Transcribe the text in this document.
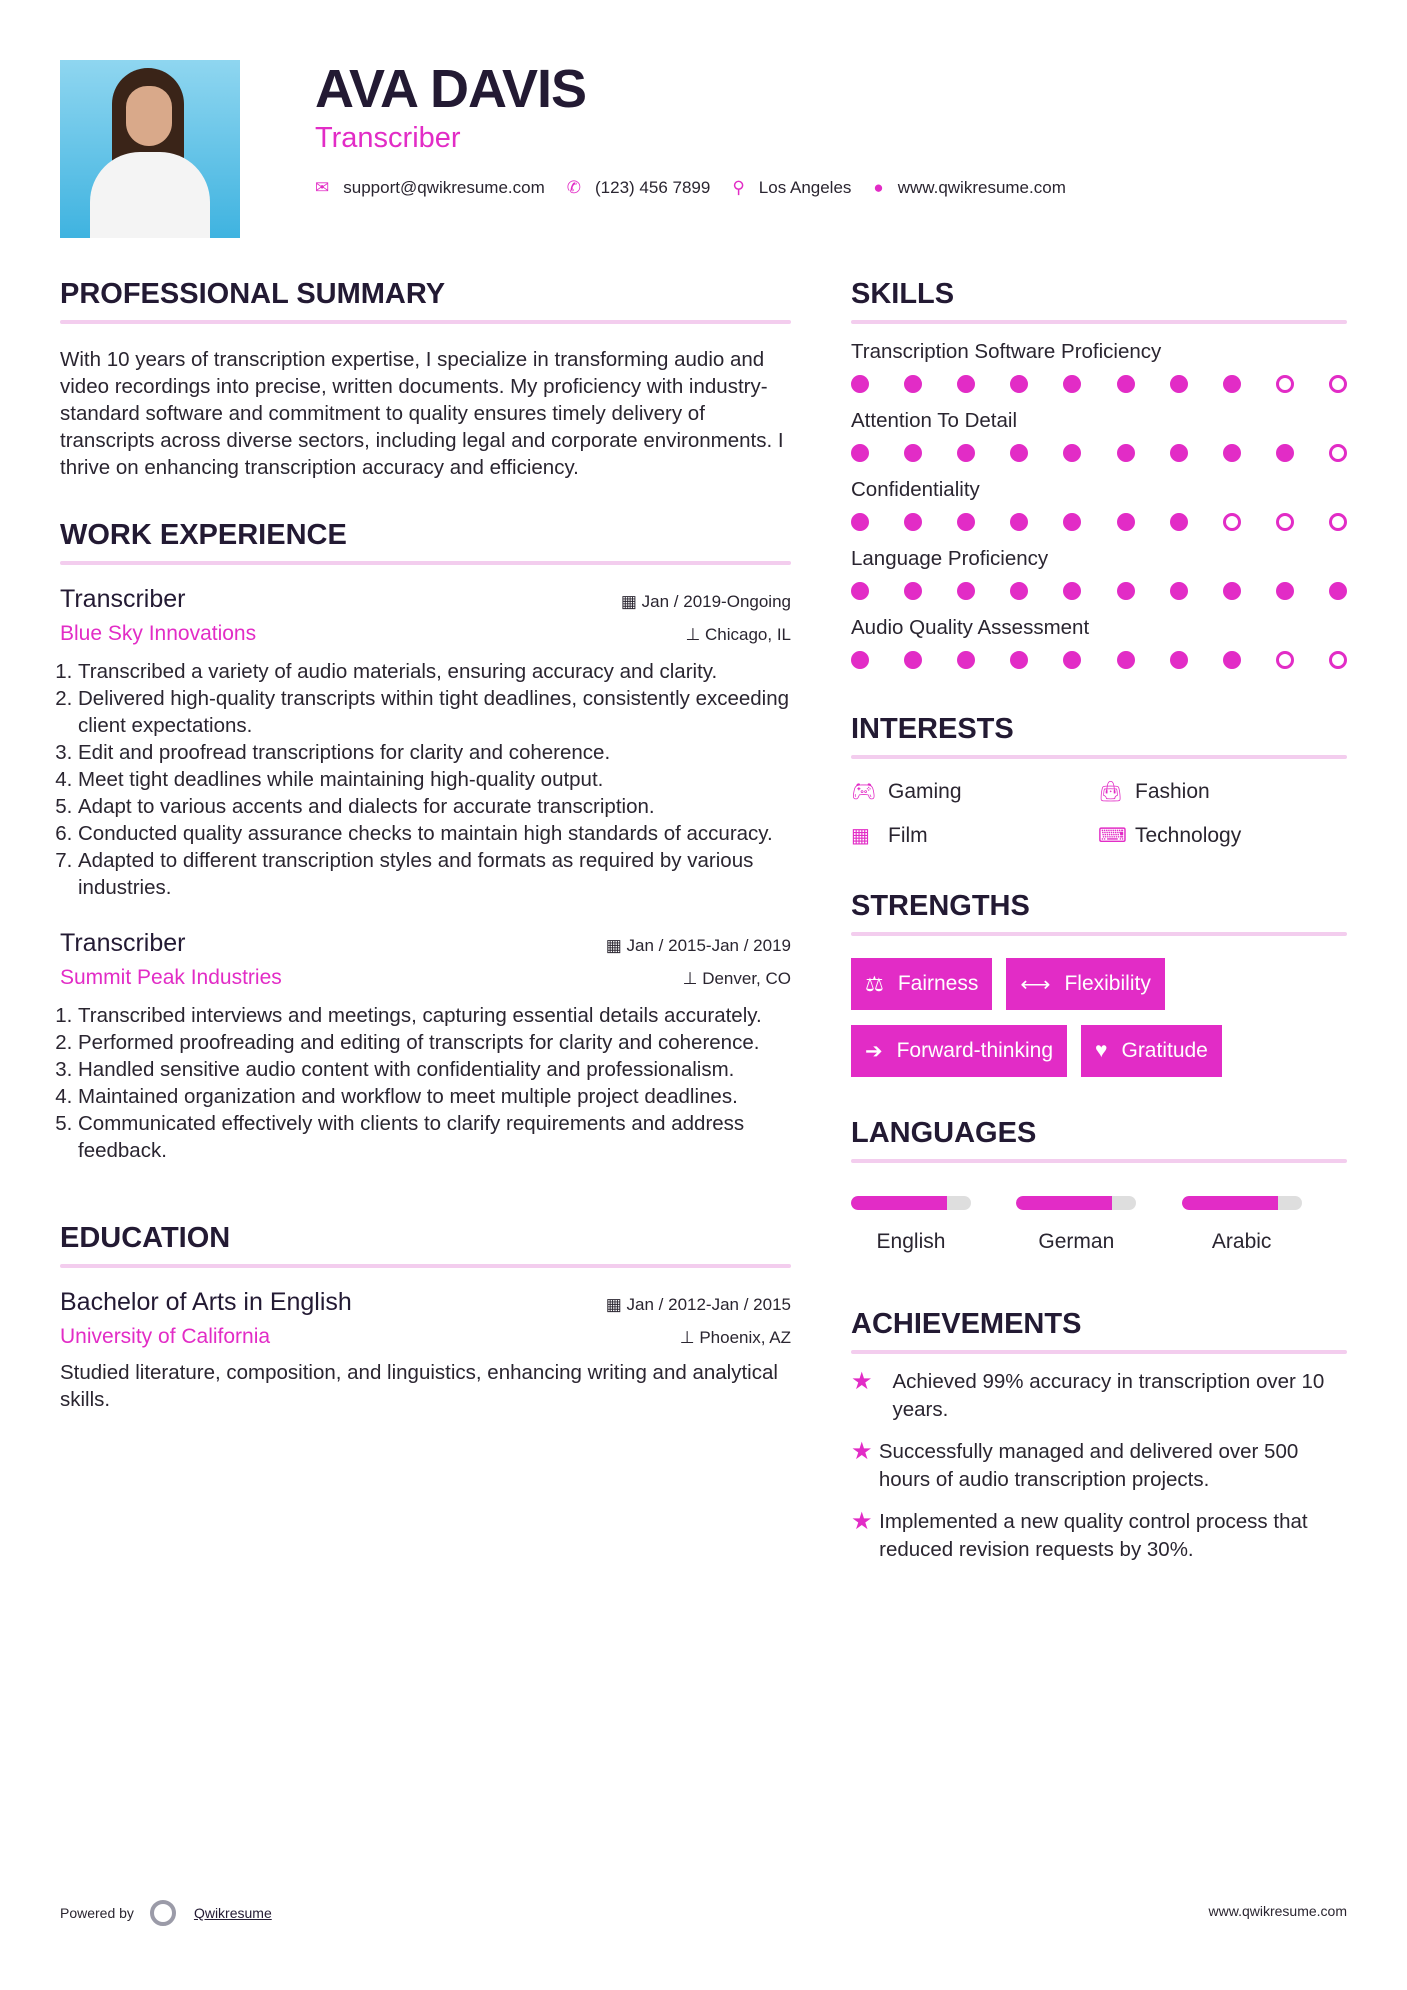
AVA DAVIS
Transcriber
✉ support@qwikresume.com ✆ (123) 456 7899 ⚲ Los Angeles ● www.qwikresume.com
PROFESSIONAL SUMMARY

With 10 years of transcription expertise, I specialize in transforming audio and video recordings into precise, written documents. My proficiency with industry-standard software and commitment to quality ensures timely delivery of transcripts across diverse sectors, including legal and corporate environments. I thrive on enhancing transcription accuracy and efficiency.

WORK EXPERIENCE
Transcriber	▦ Jan / 2019-Ongoing
Blue Sky Innovations	⊥ Chicago, IL
1. Transcribed a variety of audio materials, ensuring accuracy and clarity.
2. Delivered high-quality transcripts within tight deadlines, consistently exceeding client expectations.
3. Edit and proofread transcriptions for clarity and coherence.
4. Meet tight deadlines while maintaining high-quality output.
5. Adapt to various accents and dialects for accurate transcription.
6. Conducted quality assurance checks to maintain high standards of accuracy.
7. Adapted to different transcription styles and formats as required by various industries.
Transcriber	▦ Jan / 2015-Jan / 2019
Summit Peak Industries	⊥ Denver, CO
1. Transcribed interviews and meetings, capturing essential details accurately.
2. Performed proofreading and editing of transcripts for clarity and coherence.
3. Handled sensitive audio content with confidentiality and professionalism.
4. Maintained organization and workflow to meet multiple project deadlines.
5. Communicated effectively with clients to clarify requirements and address feedback.
EDUCATION
Bachelor of Arts in English	▦ Jan / 2012-Jan / 2015
University of California	⊥ Phoenix, AZ

Studied literature, composition, and linguistics, enhancing writing and analytical skills.

SKILLS
Transcription Software Proficiency
Attention To Detail
Confidentiality
Language Proficiency
Audio Quality Assessment
INTERESTS
🎮︎ Gaming	👜︎ Fashion
▦ Film	⌨ Technology
STRENGTHS
⚖ Fairness ⟷ Flexibility
➔ Forward-thinking ♥ Gratitude
LANGUAGES
English	German	Arabic
ACHIEVEMENTS
★ Achieved 99% accuracy in transcription over 10 years.
★ Successfully managed and delivered over 500 hours of audio transcription projects.
★ Implemented a new quality control process that reduced revision requests by 30%.
Powered by	Qwikresume	www.qwikresume.com
